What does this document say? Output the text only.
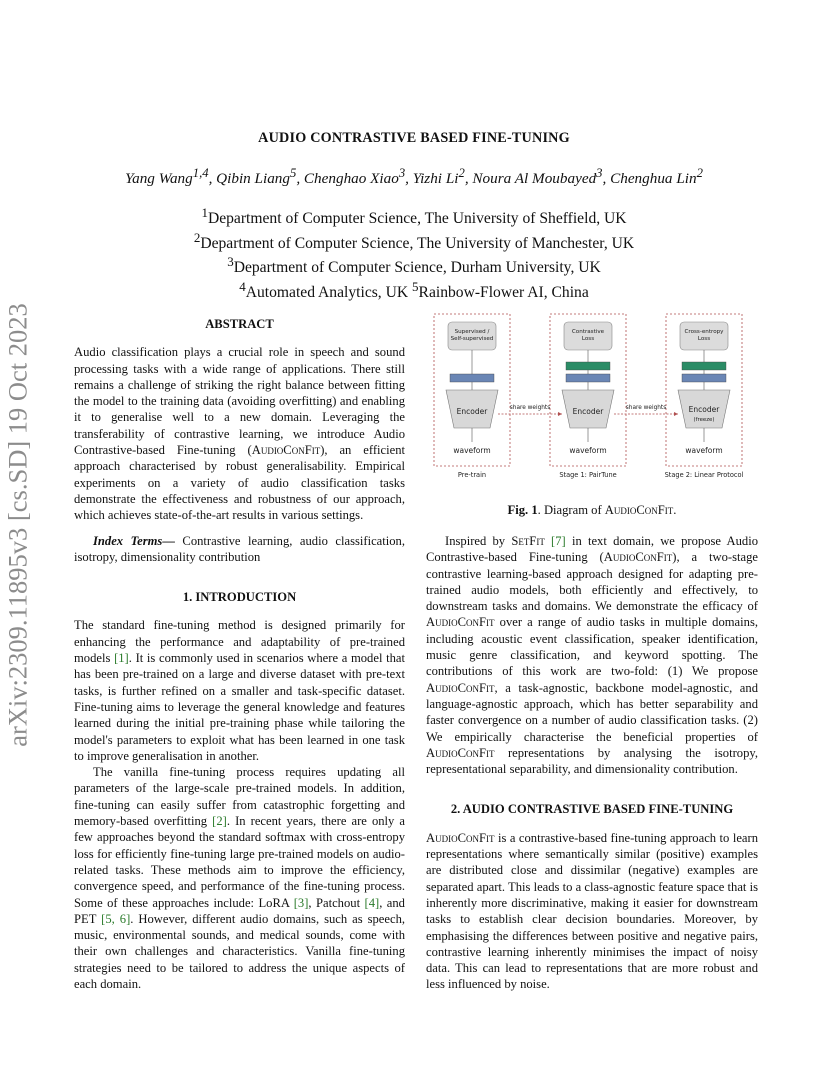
arXiv:2309.11895v3 [cs.SD] 19 Oct 2023
AUDIO CONTRASTIVE BASED FINE-TUNING
Yang Wang$^{1,4}$, Qibin Liang$^5$, Chenghao Xiao$^3$, Yizhi Li$^2$, Noura Al Moubayed$^3$, Chenghua Lin$^2$
$^1$Department of Computer Science, The University of Sheffield, UK
$^2$Department of Computer Science, The University of Manchester, UK
$^3$Department of Computer Science, Durham University, UK
$^4$Automated Analytics, UK $^5$Rainbow-Flower AI, China
ABSTRACT

Audio classification plays a crucial role in speech and sound processing tasks with a wide range of applications. There still remains a challenge of striking the right balance between fitting the model to the training data (avoiding overfitting) and enabling it to generalise well to a new domain. Leveraging the transferability of contrastive learning, we introduce Audio Contrastive-based Fine-tuning (AudioConFit), an efficient approach characterised by robust generalisability. Empirical experiments on a variety of audio classification tasks demonstrate the effectiveness and robustness of our approach, which achieves state-of-the-art results in various settings.

Index Terms— Contrastive learning, audio classification, isotropy, dimensionality contribution

1. INTRODUCTION

The standard fine-tuning method is designed primarily for enhancing the performance and adaptability of pre-trained models [1]. It is commonly used in scenarios where a model that has been pre-trained on a large and diverse dataset with pre-text tasks, is further refined on a smaller and task-specific dataset. Fine-tuning aims to leverage the general knowledge and features learned during the initial pre-training phase while tailoring the model's parameters to exploit what has been learned in one task to improve generalisation in another.

The vanilla fine-tuning process requires updating all parameters of the large-scale pre-trained models. In addition, fine-tuning can easily suffer from catastrophic forgetting and memory-based overfitting [2]. In recent years, there are only a few approaches beyond the standard softmax with cross-entropy loss for efficiently fine-tuning large pre-trained models on audio-related tasks. These methods aim to improve the efficiency, convergence speed, and performance of the fine-tuning process. Some of these approaches include: LoRA [3], Patchout [4], and PET [5, 6]. However, different audio domains, such as speech, music, environmental sounds, and medical sounds, come with their own challenges and characteristics. Vanilla fine-tuning strategies need to be tailored to address the unique aspects of each domain.

Supervised / Self-supervised
Encoder
waveform
Pre-train
Contrastive Loss
Encoder
waveform
Stage 1: PairTune
Cross-entropy Loss
Encoder
(freeze)
waveform
Stage 2: Linear Protocol
share weights	share weights
Fig. 1. Diagram of AudioConFit.

Inspired by SetFit [7] in text domain, we propose Audio Contrastive-based Fine-tuning (AudioConFit), a two-stage contrastive learning-based approach designed for adapting pre-trained audio models, both efficiently and effectively, to downstream tasks and domains. We demonstrate the efficacy of AudioConFit over a range of audio tasks in multiple domains, including acoustic event classification, speaker identification, music genre classification, and keyword spotting. The contributions of this work are two-fold: (1) We propose AudioConFit, a task-agnostic, backbone model-agnostic, and language-agnostic approach, which has better separability and faster convergence on a number of audio classification tasks. (2) We empirically characterise the beneficial properties of AudioConFit representations by analysing the isotropy, representational separability, and dimensionality contribution.

2. AUDIO CONTRASTIVE BASED FINE-TUNING

AudioConFit is a contrastive-based fine-tuning approach to learn representations where semantically similar (positive) examples are distributed close and dissimilar (negative) examples are separated apart. This leads to a class-agnostic feature space that is inherently more discriminative, making it easier for downstream tasks to establish clear decision boundaries. Moreover, by emphasising the differences between positive and negative pairs, contrastive learning inherently minimises the impact of noisy data. This can lead to representations that are more robust and less influenced by noise.
